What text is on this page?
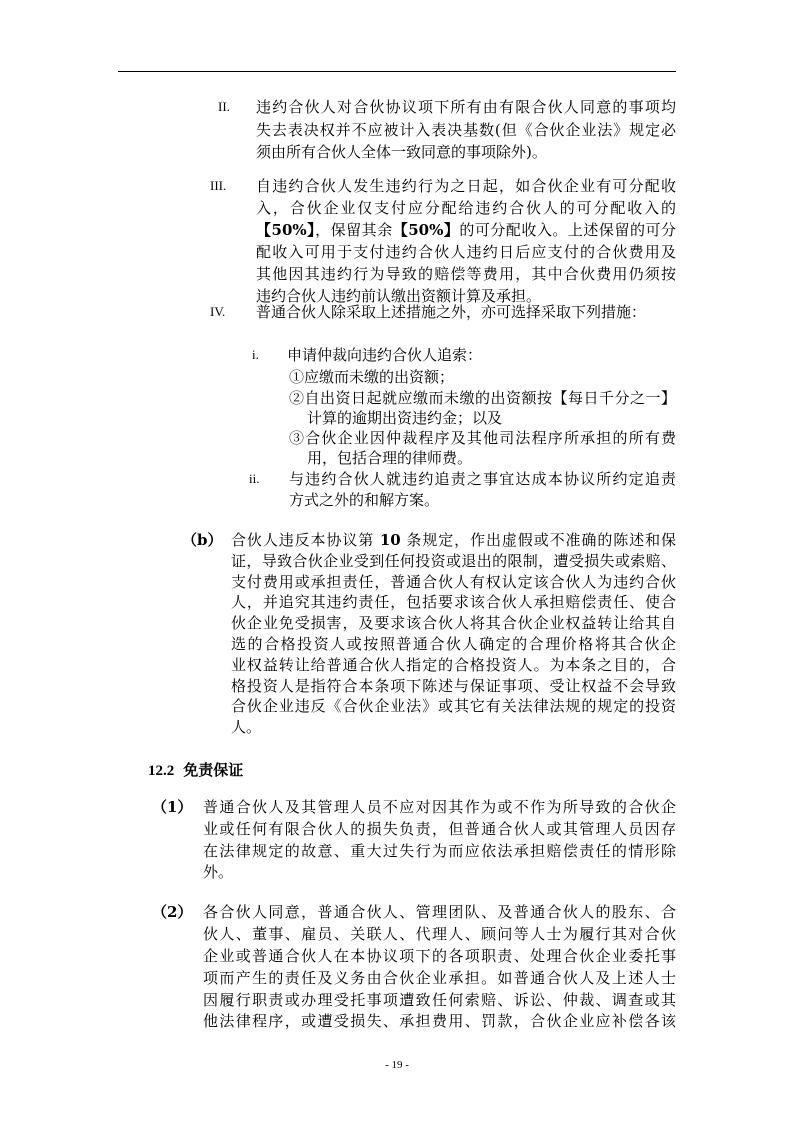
II. 违约合伙人对合伙协议项下所有由有限合伙人同意的事项均
失去表决权并不应被计入表决基数(但《合伙企业法》规定必
须由所有合伙人全体一致同意的事项除外)。
III. 自违约合伙人发生违约行为之日起，如合伙企业有可分配收
入，合伙企业仅支付应分配给违约合伙人的可分配收入的
【50%】，保留其余【50%】的可分配收入。上述保留的可分
配收入可用于支付违约合伙人违约日后应支付的合伙费用及
其他因其违约行为导致的赔偿等费用，其中合伙费用仍须按
违约合伙人违约前认缴出资额计算及承担。
IV. 普通合伙人除采取上述措施之外，亦可选择采取下列措施：
i. 申请仲裁向违约合伙人追索：
①应缴而未缴的出资额；
②自出资日起就应缴而未缴的出资额按【每日千分之一】
计算的逾期出资违约金；以及
③合伙企业因仲裁程序及其他司法程序所承担的所有费
用，包括合理的律师费。
ii. 与违约合伙人就违约追责之事宜达成本协议所约定追责
方式之外的和解方案。
（b） 合伙人违反本协议第 10 条规定，作出虚假或不准确的陈述和保
证，导致合伙企业受到任何投资或退出的限制，遭受损失或索赔、
支付费用或承担责任，普通合伙人有权认定该合伙人为违约合伙
人，并追究其违约责任，包括要求该合伙人承担赔偿责任、使合
伙企业免受损害，及要求该合伙人将其合伙企业权益转让给其自
选的合格投资人或按照普通合伙人确定的合理价格将其合伙企
业权益转让给普通合伙人指定的合格投资人。为本条之目的，合
格投资人是指符合本条项下陈述与保证事项、受让权益不会导致
合伙企业违反《合伙企业法》或其它有关法律法规的规定的投资
人。
12.2 免责保证
（1） 普通合伙人及其管理人员不应对因其作为或不作为所导致的合伙企
业或任何有限合伙人的损失负责，但普通合伙人或其管理人员因存
在法律规定的故意、重大过失行为而应依法承担赔偿责任的情形除
外。
（2） 各合伙人同意，普通合伙人、管理团队、及普通合伙人的股东、合
伙人、董事、雇员、关联人、代理人、顾问等人士为履行其对合伙
企业或普通合伙人在本协议项下的各项职责、处理合伙企业委托事
项而产生的责任及义务由合伙企业承担。如普通合伙人及上述人士
因履行职责或办理受托事项遭致任何索赔、诉讼、仲裁、调查或其
他法律程序，或遭受损失、承担费用、罚款，合伙企业应补偿各该
- 19 -
